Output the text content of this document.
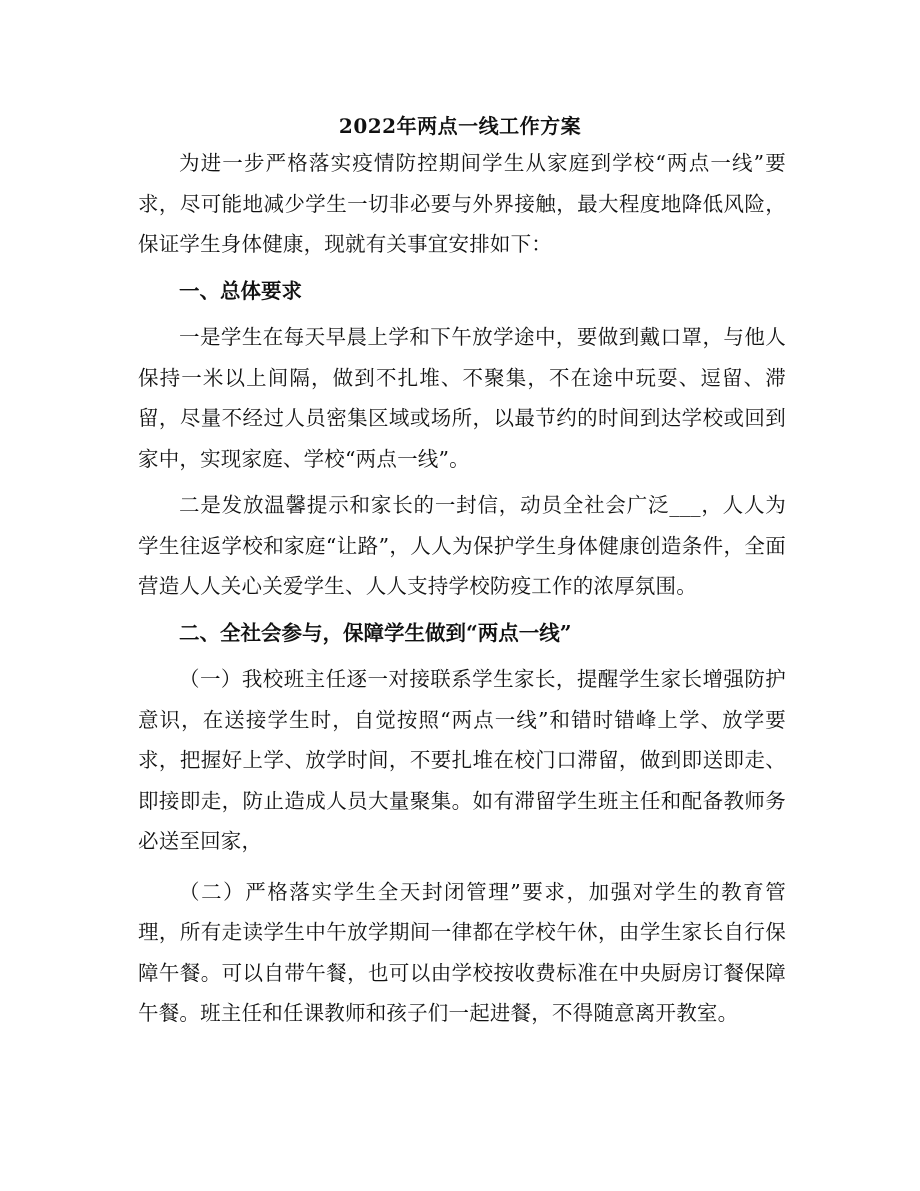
2022年两点一线工作方案

为进一步严格落实疫情防控期间学生从家庭到学校“两点一线”要求，尽可能地减少学生一切非必要与外界接触，最大程度地降低风险，保证学生身体健康，现就有关事宜安排如下：

一、总体要求

一是学生在每天早晨上学和下午放学途中，要做到戴口罩，与他人保持一米以上间隔，做到不扎堆、不聚集，不在途中玩耍、逗留、滞留，尽量不经过人员密集区域或场所，以最节约的时间到达学校或回到家中，实现家庭、学校“两点一线”。

二是发放温馨提示和家长的一封信，动员全社会广泛___，人人为学生往返学校和家庭“让路”，人人为保护学生身体健康创造条件，全面营造人人关心关爱学生、人人支持学校防疫工作的浓厚氛围。

二、全社会参与，保障学生做到“两点一线”

（一）我校班主任逐一对接联系学生家长，提醒学生家长增强防护意识，在送接学生时，自觉按照“两点一线”和错时错峰上学、放学要求，把握好上学、放学时间，不要扎堆在校门口滞留，做到即送即走、即接即走，防止造成人员大量聚集。如有滞留学生班主任和配备教师务必送至回家，

（二）严格落实学生全天封闭管理”要求，加强对学生的教育管理，所有走读学生中午放学期间一律都在学校午休，由学生家长自行保障午餐。可以自带午餐，也可以由学校按收费标准在中央厨房订餐保障午餐。班主任和任课教师和孩子们一起进餐，不得随意离开教室。
